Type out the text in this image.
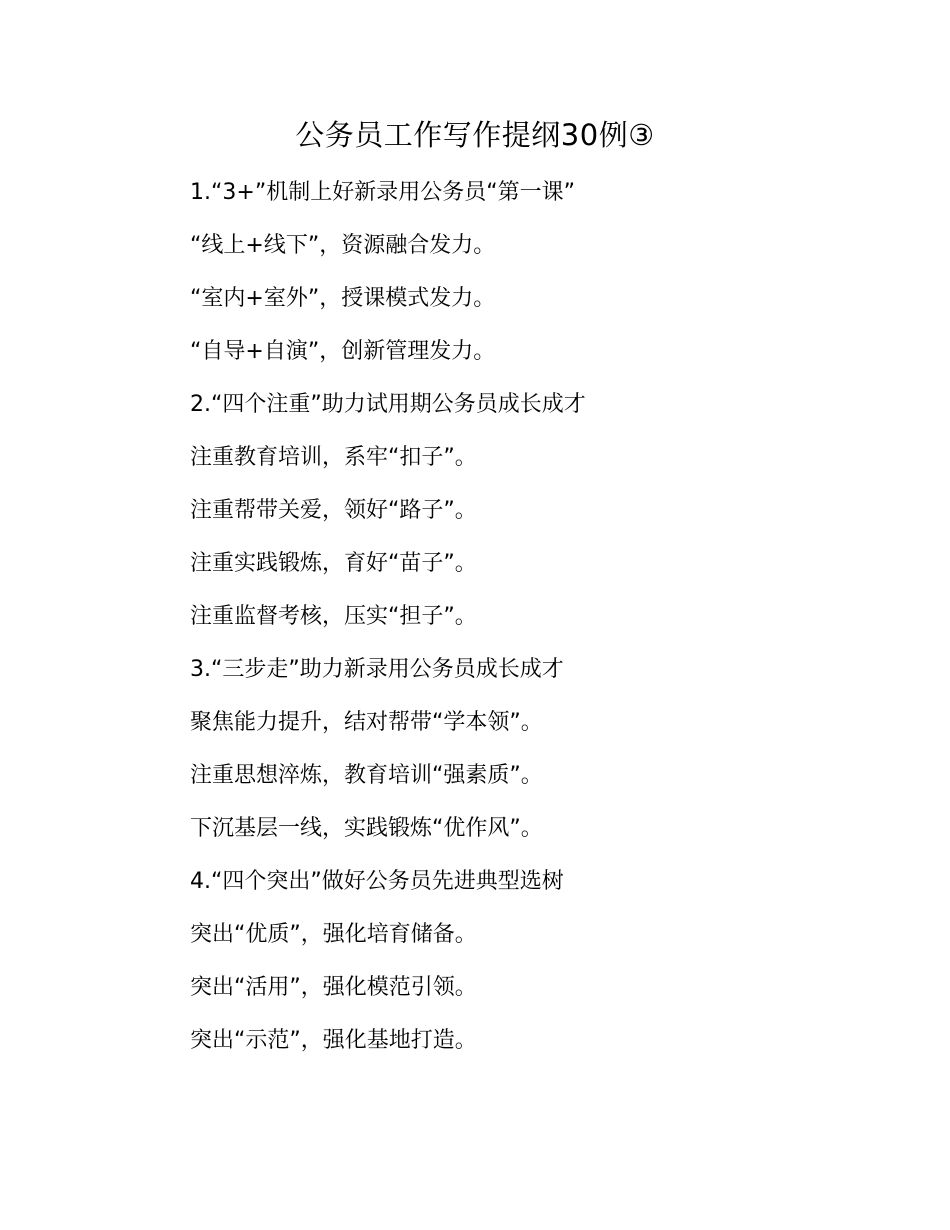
公务员工作写作提纲30例③
1.“3+”机制上好新录用公务员“第一课”
“线上+线下”，资源融合发力。
“室内+室外”，授课模式发力。
“自导+自演”，创新管理发力。
2.“四个注重”助力试用期公务员成长成才
注重教育培训，系牢“扣子”。
注重帮带关爱，领好“路子”。
注重实践锻炼，育好“苗子”。
注重监督考核，压实“担子”。
3.“三步走”助力新录用公务员成长成才
聚焦能力提升，结对帮带“学本领”。
注重思想淬炼，教育培训“强素质”。
下沉基层一线，实践锻炼“优作风”。
4.“四个突出”做好公务员先进典型选树
突出“优质”，强化培育储备。
突出“活用”，强化模范引领。
突出“示范”，强化基地打造。
